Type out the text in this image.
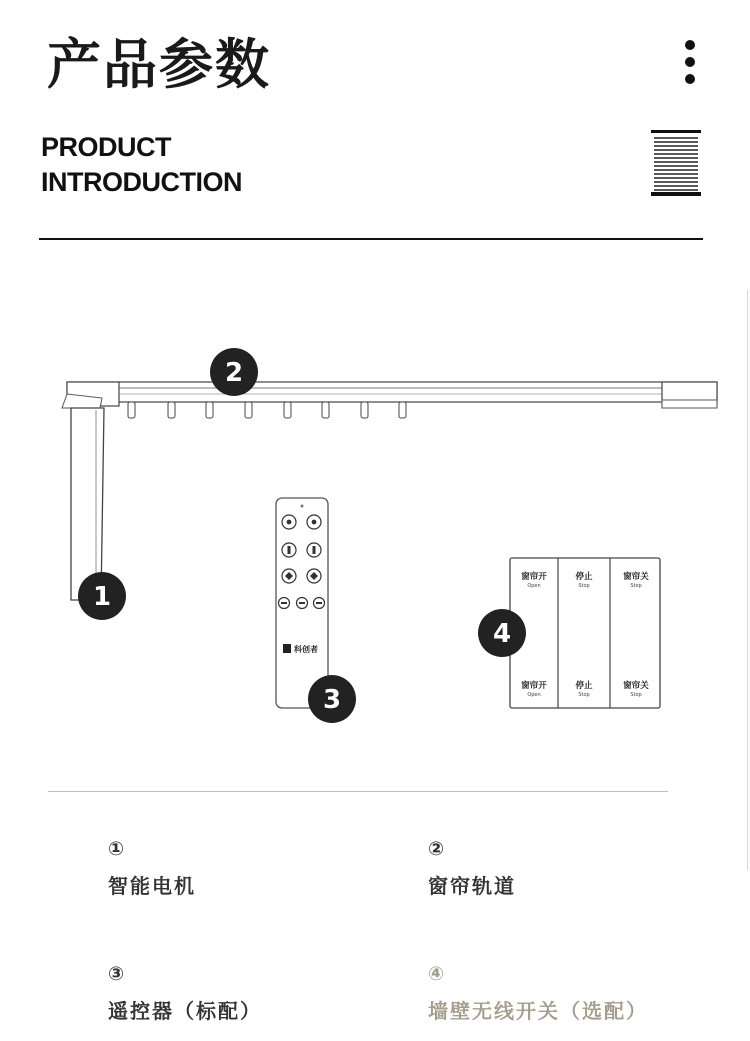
产品参数
PRODUCT
INTRODUCTION
科创者
窗帘开
Open
停止
Stop
窗帘关
Stop
窗帘开
Open
停止
Stop
窗帘关
Stop
1
2
3
4
①
智能电机
②
窗帘轨道
③
遥控器（标配）
④
墙壁无线开关（选配）
